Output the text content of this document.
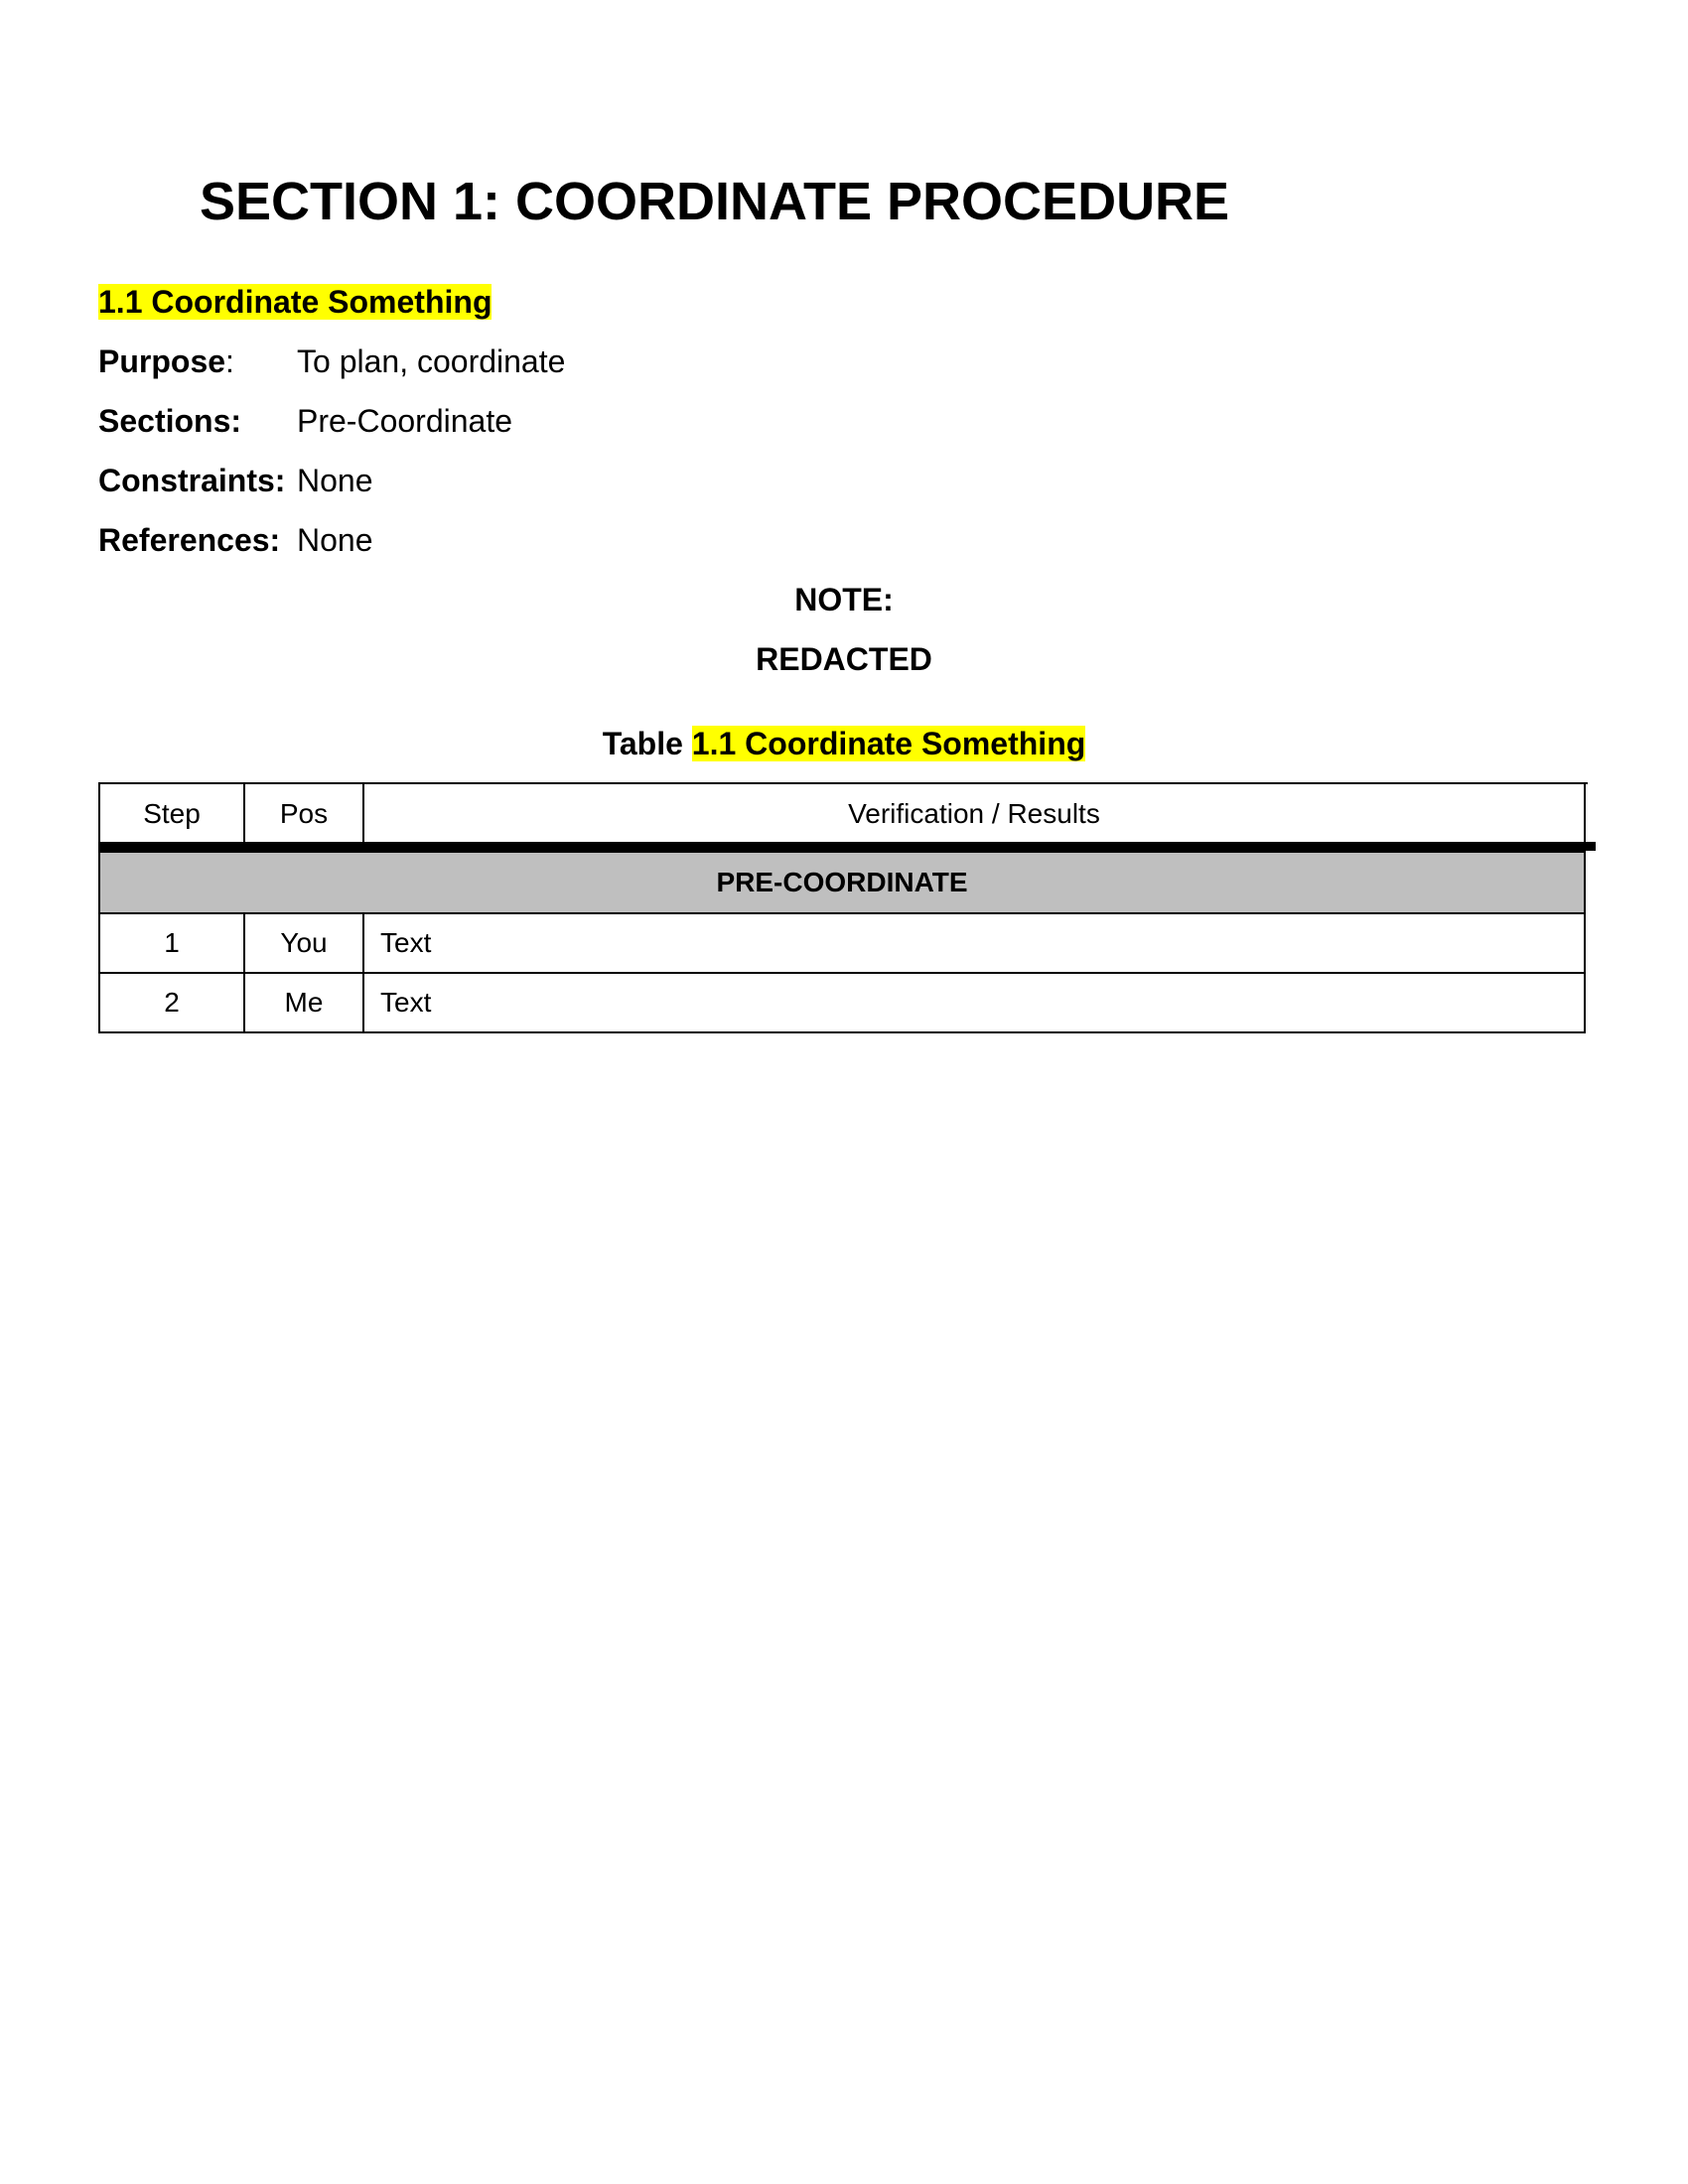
SECTION 1: COORDINATE PROCEDURE
1.1 Coordinate Something
Purpose: To plan, coordinate
Sections: Pre-Coordinate
Constraints: None
References: None
NOTE:
REDACTED
Table 1.1 Coordinate Something
Step	Pos	Verification / Results
PRE-COORDINATE		
1	You	Text
2	Me	Text
